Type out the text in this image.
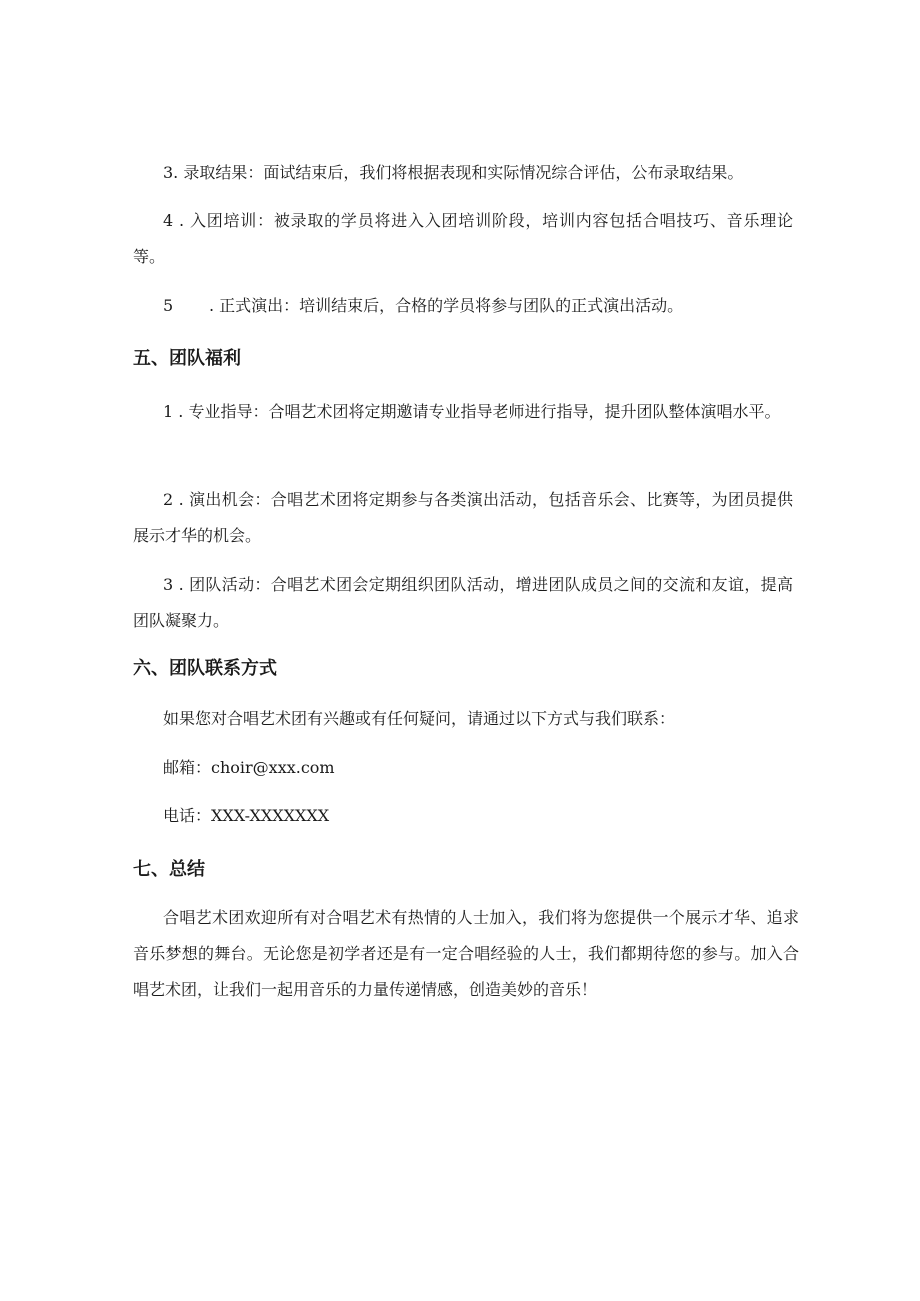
3. 录取结果：面试结束后，我们将根据表现和实际情况综合评估，公布录取结果。

4 . 入团培训：被录取的学员将进入入团培训阶段，培训内容包括合唱技巧、音乐理论等。

5 . 正式演出：培训结束后，合格的学员将参与团队的正式演出活动。

五、团队福利

1 . 专业指导：合唱艺术团将定期邀请专业指导老师进行指导，提升团队整体演唱水平。

2 . 演出机会：合唱艺术团将定期参与各类演出活动，包括音乐会、比赛等，为团员提供展示才华的机会。

3 . 团队活动：合唱艺术团会定期组织团队活动，增进团队成员之间的交流和友谊，提高团队凝聚力。

六、团队联系方式

如果您对合唱艺术团有兴趣或有任何疑问，请通过以下方式与我们联系：

邮箱：choir@xxx.com

电话：XXX-XXXXXXX

七、总结

合唱艺术团欢迎所有对合唱艺术有热情的人士加入，我们将为您提供一个展示才华、追求音乐梦想的舞台。无论您是初学者还是有一定合唱经验的人士，我们都期待您的参与。加入合唱艺术团，让我们一起用音乐的力量传递情感，创造美妙的音乐！
